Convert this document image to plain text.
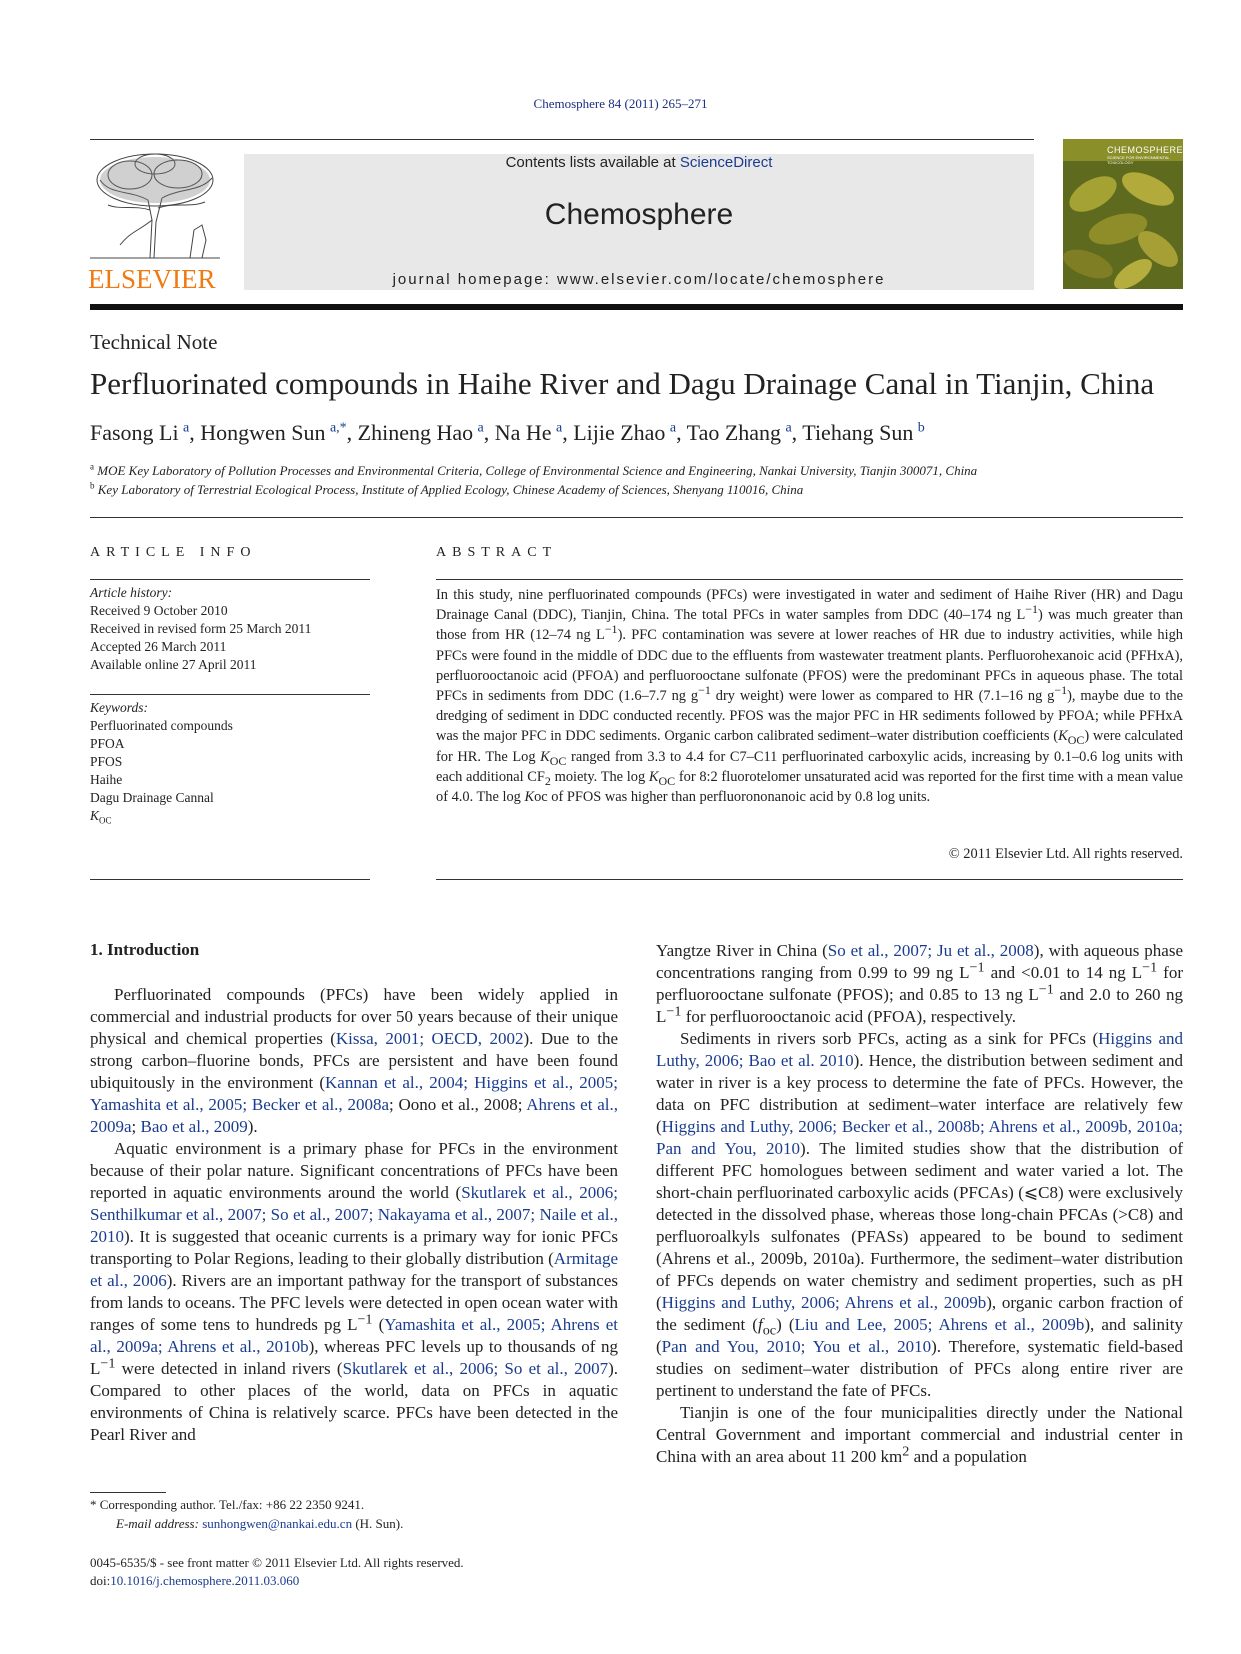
Chemosphere 84 (2011) 265–271
ELSEVIER
Contents lists available at ScienceDirect
Chemosphere
journal homepage: www.elsevier.com/locate/chemosphere
CHEMOSPHERE
SCIENCE FOR ENVIRONMENTAL TOXICOLOGY
Technical Note
Perfluorinated compounds in Haihe River and Dagu Drainage Canal in Tianjin, China
Fasong Li  $^a$, Hongwen Sun  $^{a,*}$, Zhineng Hao  $^a$, Na He  $^a$, Lijie Zhao  $^a$, Tao Zhang  $^a$, Tiehang Sun  $^b$
$^a$ MOE Key Laboratory of Pollution Processes and Environmental Criteria, College of Environmental Science and Engineering, Nankai University, Tianjin 300071, China
$^b$ Key Laboratory of Terrestrial Ecological Process, Institute of Applied Ecology, Chinese Academy of Sciences, Shenyang 110016, China
ARTICLE INFO
Article history:
Received 9 October 2010
Received in revised form 25 March 2011
Accepted 26 March 2011
Available online 27 April 2011
Keywords:
Perfluorinated compounds
PFOA
PFOS
Haihe
Dagu Drainage Cannal
$K_{OC}$
ABSTRACT
In this study, nine perfluorinated compounds (PFCs) were investigated in water and sediment of Haihe River (HR) and Dagu Drainage Canal (DDC), Tianjin, China. The total PFCs in water samples from DDC (40–174 ng $L^{-1}$) was much greater than those from HR (12–74 ng $L^{-1}$). PFC contamination was severe at lower reaches of HR due to industry activities, while high PFCs were found in the middle of DDC due to the effluents from wastewater treatment plants. Perfluorohexanoic acid (PFHxA), perfluorooctanoic acid (PFOA) and perfluorooctane sulfonate (PFOS) were the predominant PFCs in aqueous phase. The total PFCs in sediments from DDC (1.6–7.7 ng $g^{-1}$ dry weight) were lower as compared to HR (7.1–16 ng $g^{-1}$), maybe due to the dredging of sediment in DDC conducted recently. PFOS was the major PFC in HR sediments followed by PFOA; while PFHxA was the major PFC in DDC sediments. Organic carbon calibrated sediment–water distribution coefficients $(K_{OC})$ were calculated for HR. The Log $K_{OC}$ ranged from 3.3 to 4.4 for C7–C11 perfluorinated carboxylic acids, increasing by 0.1–0.6 log units with each additional $CF_2$ moiety. The $\log K_{OC}$ for 8:2 fluorotelomer unsaturated acid was reported for the first time with a mean value of 4.0. The log Koc of PFOS was higher than perfluorononanoic acid by 0.8 log units.
© 2011 Elsevier Ltd. All rights reserved.
1. Introduction

Perfluorinated compounds (PFCs) have been widely applied in commercial and industrial products for over 50 years because of their unique physical and chemical properties (Kissa, 2001; OECD, 2002). Due to the strong carbon–fluorine bonds, PFCs are persistent and have been found ubiquitously in the environment (Kannan et al., 2004; Higgins et al., 2005; Yamashita et al., 2005; Becker et al., 2008a; Oono et al., 2008; Ahrens et al., 2009a; Bao et al., 2009).

Aquatic environment is a primary phase for PFCs in the environment because of their polar nature. Significant concentrations of PFCs have been reported in aquatic environments around the world (Skutlarek et al., 2006; Senthilkumar et al., 2007; So et al., 2007; Nakayama et al., 2007; Naile et al., 2010). It is suggested that oceanic currents is a primary way for ionic PFCs transporting to Polar Regions, leading to their globally distribution (Armitage et al., 2006). Rivers are an important pathway for the transport of substances from lands to oceans. The PFC levels were detected in open ocean water with ranges of some tens to hundreds pg $L^{-1}$ (Yamashita et al., 2005; Ahrens et al., 2009a; Ahrens et al., 2010b), whereas PFC levels up to thousands of ng $L^{-1}$ were detected in inland rivers (Skutlarek et al., 2006; So et al., 2007). Compared to other places of the world, data on PFCs in aquatic environments of China is relatively scarce. PFCs have been detected in the Pearl River and

Yangtze River in China (So et al., 2007; Ju et al., 2008), with aqueous phase concentrations ranging from 0.99 to 99 ng $L^{-1}$ and <0.01 to 14 ng $L^{-1}$ for perfluorooctane sulfonate (PFOS); and 0.85 to 13 ng $L^{-1}$ and 2.0 to 260 ng $L^{-1}$ for perfluorooctanoic acid (PFOA), respectively.

Sediments in rivers sorb PFCs, acting as a sink for PFCs (Higgins and Luthy, 2006; Bao et al. 2010). Hence, the distribution between sediment and water in river is a key process to determine the fate of PFCs. However, the data on PFC distribution at sediment–water interface are relatively few (Higgins and Luthy, 2006; Becker et al., 2008b; Ahrens et al., 2009b, 2010a; Pan and You, 2010). The limited studies show that the distribution of different PFC homologues between sediment and water varied a lot. The short-chain perfluorinated carboxylic acids (PFCAs) (⩽C8) were exclusively detected in the dissolved phase, whereas those long-chain PFCAs (>C8) and perfluoroalkyls sulfonates (PFASs) appeared to be bound to sediment (Ahrens et al., 2009b, 2010a). Furthermore, the sediment–water distribution of PFCs depends on water chemistry and sediment properties, such as pH (Higgins and Luthy, 2006; Ahrens et al., 2009b), organic carbon fraction of the sediment $(f_{oc})$ (Liu and Lee, 2005; Ahrens et al., 2009b), and salinity (Pan and You, 2010; You et al., 2010). Therefore, systematic field-based studies on sediment–water distribution of PFCs along entire river are pertinent to understand the fate of PFCs.

Tianjin is one of the four municipalities directly under the National Central Government and important commercial and industrial center in China with an area about 11 200 $km^2$ and a population

* Corresponding author. Tel./fax: +86 22 2350 9241.
E-mail address: sunhongwen@nankai.edu.cn (H. Sun).
0045-6535/$ - see front matter © 2011 Elsevier Ltd. All rights reserved.
doi:10.1016/j.chemosphere.2011.03.060
